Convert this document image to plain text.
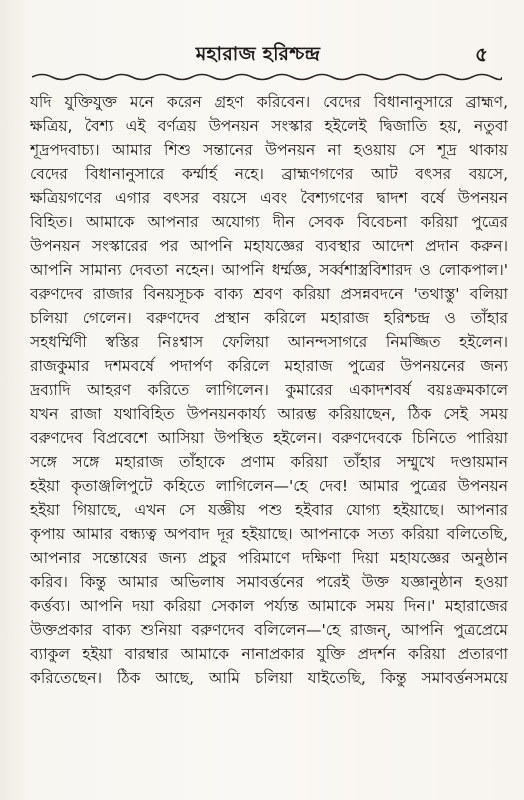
মহারাজ হরিশ্চন্দ্র	৫
যদি যুক্তিযুক্ত মনে করেন গ্রহণ করিবেন। বেদের বিধানানুসারে ব্রাহ্মণ,
ক্ষত্রিয়, বৈশ্য এই বর্ণত্রয় উপনয়ন সংস্কার হইলেই দ্বিজাতি হয়, নতুবা
শূদ্রপদবাচ্য। আমার শিশু সন্তানের উপনয়ন না হওয়ায় সে শূদ্র থাকায়
বেদের বিধানানুসারে কর্ম্মার্হ নহে। ব্রাহ্মণগণের আট বৎসর বয়সে,
ক্ষত্রিয়গণের এগার বৎসর বয়সে এবং বৈশ্যগণের দ্বাদশ বর্ষে উপনয়ন
বিহিত। আমাকে আপনার অযোগ্য দীন সেবক বিবেচনা করিয়া পুত্রের
উপনয়ন সংস্কারের পর আপনি মহাযজ্ঞের ব্যবস্থার আদেশ প্রদান করুন।
আপনি সামান্য দেবতা নহেন। আপনি ধর্ম্মজ্ঞ, সর্ব্বশাস্ত্রবিশারদ ও লোকপাল।'
বরুণদেব রাজার বিনয়সূচক বাক্য শ্রবণ করিয়া প্রসন্নবদনে 'তথাস্তু' বলিয়া
চলিয়া গেলেন। বরুণদেব প্রস্থান করিলে মহারাজ হরিশ্চন্দ্র ও তাঁহার
সহধর্ম্মিণী স্বস্তির নিঃশ্বাস ফেলিয়া আনন্দসাগরে নিমজ্জিত হইলেন।
রাজকুমার দশমবর্ষে পদার্পণ করিলে মহারাজ পুত্রের উপনয়নের জন্য
দ্রব্যাদি আহরণ করিতে লাগিলেন। কুমারের একাদশবর্ষ বয়ঃক্রমকালে
যখন রাজা যথাবিহিত উপনয়নকার্য্য আরম্ভ করিয়াছেন, ঠিক সেই সময়
বরুণদেব বিপ্রবেশে আসিয়া উপস্থিত হইলেন। বরুণদেবকে চিনিতে পারিয়া
সঙ্গে সঙ্গে মহারাজ তাঁহাকে প্রণাম করিয়া তাঁহার সম্মুখে দণ্ডায়মান
হইয়া কৃতাঞ্জলিপুটে কহিতে লাগিলেন—'হে দেব! আমার পুত্রের উপনয়ন
হইয়া গিয়াছে, এখন সে যজ্ঞীয় পশু হইবার যোগ্য হইয়াছে। আপনার
কৃপায় আমার বন্ধ্যত্ব অপবাদ দূর হইয়াছে। আপনাকে সত্য করিয়া বলিতেছি,
আপনার সন্তোষের জন্য প্রচুর পরিমাণে দক্ষিণা দিয়া মহাযজ্ঞের অনুষ্ঠান
করিব। কিন্তু আমার অভিলাষ সমাবর্ত্তনের পরেই উক্ত যজ্ঞানুষ্ঠান হওয়া
কর্ত্তব্য। আপনি দয়া করিয়া সেকাল পর্য্যন্ত আমাকে সময় দিন।' মহারাজের
উক্তপ্রকার বাক্য শুনিয়া বরুণদেব বলিলেন—'হে রাজন্, আপনি পুত্রপ্রেমে
ব্যাকুল হইয়া বারম্বার আমাকে নানাপ্রকার যুক্তি প্রদর্শন করিয়া প্রতারণা
করিতেছেন। ঠিক আছে, আমি চলিয়া যাইতেছি, কিন্তু সমাবর্ত্তনসময়ে
